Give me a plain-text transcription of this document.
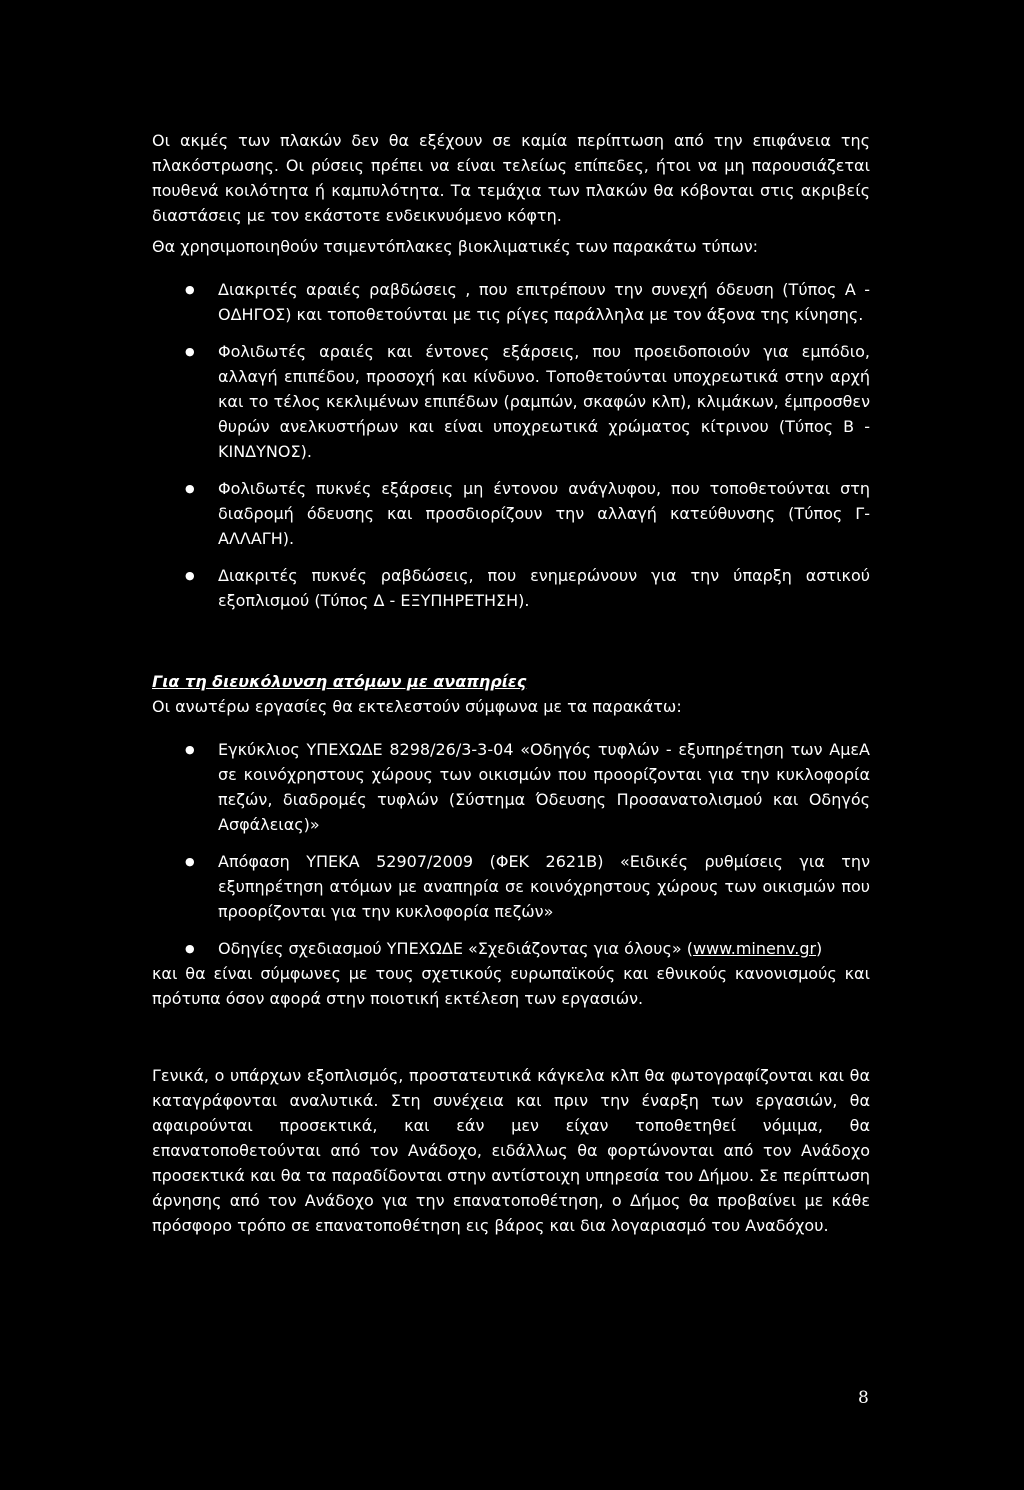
Οι ακμές των πλακών δεν θα εξέχουν σε καμία περίπτωση από την επιφάνεια της πλακόστρωσης. Οι ρύσεις πρέπει να είναι τελείως επίπεδες, ήτοι να μη παρουσιάζεται πουθενά κοιλότητα ή καμπυλότητα. Τα τεμάχια των πλακών θα κόβονται στις ακριβείς διαστάσεις με τον εκάστοτε ενδεικνυόμενο κόφτη.

Θα χρησιμοποιηθούν τσιμεντόπλακες βιοκλιματικές των παρακάτω τύπων:

● Διακριτές αραιές ραβδώσεις , που επιτρέπουν την συνεχή όδευση (Τύπος Α - ΟΔΗΓΟΣ) και τοποθετούνται με τις ρίγες παράλληλα με τον άξονα της κίνησης.
● Φολιδωτές αραιές και έντονες εξάρσεις, που προειδοποιούν για εμπόδιο, αλλαγή επιπέδου, προσοχή και κίνδυνο. Τοποθετούνται υποχρεωτικά στην αρχή και το τέλος κεκλιμένων επιπέδων (ραμπών, σκαφών κλπ), κλιμάκων, έμπροσθεν θυρών ανελκυστήρων και είναι υποχρεωτικά χρώματος κίτρινου (Τύπος Β - ΚΙΝΔΥΝΟΣ).
● Φολιδωτές πυκνές εξάρσεις μη έντονου ανάγλυφου, που τοποθετούνται στη διαδρομή όδευσης και προσδιορίζουν την αλλαγή κατεύθυνσης (Τύπος Γ- ΑΛΛΑΓΗ).
● Διακριτές πυκνές ραβδώσεις, που ενημερώνουν για την ύπαρξη αστικού εξοπλισμού (Τύπος Δ - ΕΞΥΠΗΡΕΤΗΣΗ).
Για τη διευκόλυνση ατόμων με αναπηρίες

Οι ανωτέρω εργασίες θα εκτελεστούν σύμφωνα με τα παρακάτω:

● Εγκύκλιος ΥΠΕΧΩΔΕ 8298/26/3-3-04 «Οδηγός τυφλών - εξυπηρέτηση των ΑμεΑ σε κοινόχρηστους χώρους των οικισμών που προορίζονται για την κυκλοφορία πεζών, διαδρομές τυφλών (Σύστημα Όδευσης Προσανατολισμού και Οδηγός Ασφάλειας)»
● Απόφαση ΥΠΕΚΑ 52907/2009 (ΦΕΚ 2621Β) «Ειδικές ρυθμίσεις για την εξυπηρέτηση ατόμων με αναπηρία σε κοινόχρηστους χώρους των οικισμών που προορίζονται για την κυκλοφορία πεζών»
● Οδηγίες σχεδιασμού ΥΠΕΧΩΔΕ «Σχεδιάζοντας για όλους» (www.minenv.gr)

και θα είναι σύμφωνες με τους σχετικούς ευρωπαϊκούς και εθνικούς κανονισμούς και πρότυπα όσον αφορά στην ποιοτική εκτέλεση των εργασιών.

Γενικά, ο υπάρχων εξοπλισμός, προστατευτικά κάγκελα κλπ θα φωτογραφίζονται και θα καταγράφονται αναλυτικά. Στη συνέχεια και πριν την έναρξη των εργασιών, θα αφαιρούνται προσεκτικά, και εάν μεν είχαν τοποθετηθεί νόμιμα, θα επανατοποθετούνται από τον Ανάδοχο, ειδάλλως θα φορτώνονται από τον Ανάδοχο προσεκτικά και θα τα παραδίδονται στην αντίστοιχη υπηρεσία του Δήμου. Σε περίπτωση άρνησης από τον Ανάδοχο για την επανατοποθέτηση, ο Δήμος θα προβαίνει με κάθε πρόσφορο τρόπο σε επανατοποθέτηση εις βάρος και δια λογαριασμό του Αναδόχου.

8
